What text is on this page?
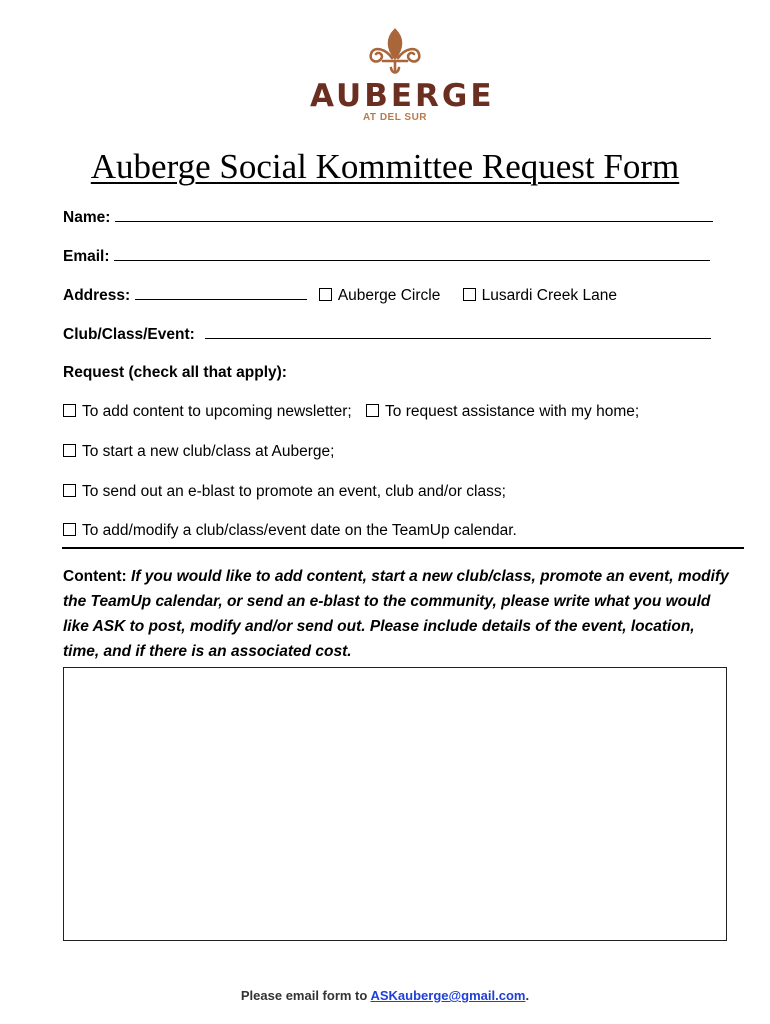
AUBERGE
AT DEL SUR
Auberge Social Kommittee Request Form
Name:
Email:
Address:	Auberge Circle	Lusardi Creek Lane
Club/Class/Event:
Request (check all that apply):
To add content to upcoming newsletter; To request assistance with my home;
To start a new club/class at Auberge;
To send out an e-blast to promote an event, club and/or class;
To add/modify a club/class/event date on the TeamUp calendar.
Content: If you would like to add content, start a new club/class, promote an event, modify the TeamUp calendar, or send an e-blast to the community, please write what you would like ASK to post, modify and/or send out. Please include details of the event, location, time, and if there is an associated cost.
Please email form to ASKauberge@gmail.com.
